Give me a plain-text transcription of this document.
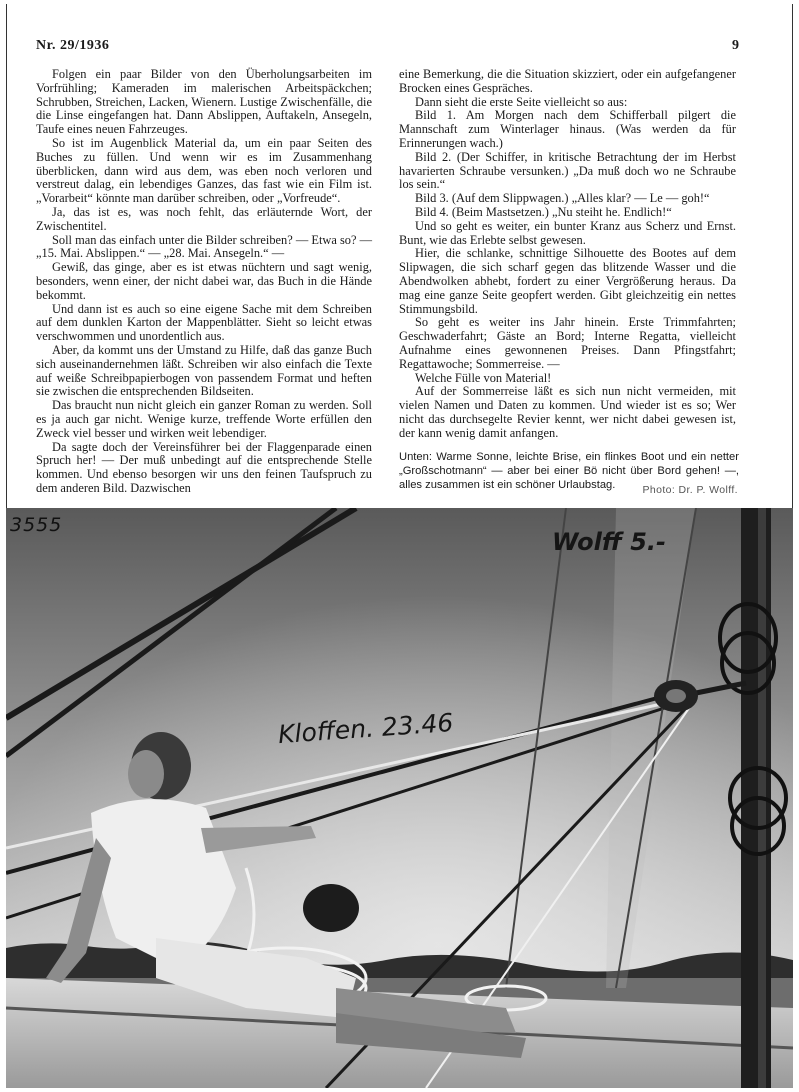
Nr. 29/1936	9

Folgen ein paar Bilder von den Überholungsarbeiten im Vorfrühling; Kameraden im malerischen Arbeitspäckchen; Schrubben, Streichen, Lacken, Wienern. Lustige Zwischenfälle, die die Linse eingefangen hat. Dann Abslippen, Auftakeln, Ansegeln, Taufe eines neuen Fahrzeuges.

So ist im Augenblick Material da, um ein paar Seiten des Buches zu füllen. Und wenn wir es im Zusammenhang überblicken, dann wird aus dem, was eben noch verloren und verstreut dalag, ein lebendiges Ganzes, das fast wie ein Film ist. „Vorarbeit“ könnte man darüber schreiben, oder „Vorfreude“.

Ja, das ist es, was noch fehlt, das erläuternde Wort, der Zwischentitel.

Soll man das einfach unter die Bilder schreiben? — Etwa so? — „15. Mai. Abslippen.“ — „28. Mai. Ansegeln.“ —

Gewiß, das ginge, aber es ist etwas nüchtern und sagt wenig, besonders, wenn einer, der nicht dabei war, das Buch in die Hände bekommt.

Und dann ist es auch so eine eigene Sache mit dem Schreiben auf dem dunklen Karton der Mappenblätter. Sieht so leicht etwas verschwommen und unordentlich aus.

Aber, da kommt uns der Umstand zu Hilfe, daß das ganze Buch sich auseinandernehmen läßt. Schreiben wir also einfach die Texte auf weiße Schreibpapierbogen von passendem Format und heften sie zwischen die entsprechenden Bildseiten.

Das braucht nun nicht gleich ein ganzer Roman zu werden. Soll es ja auch gar nicht. Wenige kurze, treffende Worte erfüllen den Zweck viel besser und wirken weit lebendiger.

Da sagte doch der Vereinsführer bei der Flaggenparade einen Spruch her! — Der muß unbedingt auf die entsprechende Stelle kommen. Und ebenso besorgen wir uns den feinen Taufspruch zu dem anderen Bild. Dazwischen

eine Bemerkung, die die Situation skizziert, oder ein aufgefangener Brocken eines Gespräches.

Dann sieht die erste Seite vielleicht so aus:

Bild 1. Am Morgen nach dem Schifferball pilgert die Mannschaft zum Winterlager hinaus. (Was werden da für Erinnerungen wach.)

Bild 2. (Der Schiffer, in kritische Betrachtung der im Herbst havarierten Schraube versunken.) „Da muß doch wo ne Schraube los sein.“

Bild 3. (Auf dem Slippwagen.) „Alles klar? — Le — goh!“

Bild 4. (Beim Mastsetzen.) „Nu steiht he. Endlich!“

Und so geht es weiter, ein bunter Kranz aus Scherz und Ernst. Bunt, wie das Erlebte selbst gewesen.

Hier, die schlanke, schnittige Silhouette des Bootes auf dem Slipwagen, die sich scharf gegen das blitzende Wasser und die Abendwolken abhebt, fordert zu einer Vergrößerung heraus. Da mag eine ganze Seite geopfert werden. Gibt gleichzeitig ein nettes Stimmungsbild.

So geht es weiter ins Jahr hinein. Erste Trimmfahrten; Geschwaderfahrt; Gäste an Bord; Interne Regatta, vielleicht Aufnahme eines gewonnenen Preises. Dann Pfingstfahrt; Regattawoche; Sommerreise. —

Welche Fülle von Material!

Auf der Sommerreise läßt es sich nun nicht vermeiden, mit vielen Namen und Daten zu kommen. Und wieder ist es so; Wer nicht das durchsegelte Revier kennt, wer nicht dabei gewesen ist, der kann wenig damit anfangen.

Unten: Warme Sonne, leichte Brise, ein flinkes Boot und ein netter „Großschotmann“ — aber bei einer Bö nicht über Bord gehen! —, alles zusammen ist ein schöner Urlaubstag.	Photo: Dr. P. Wolff.
3555
Wolff 5.-
Kloffen. 23.46
